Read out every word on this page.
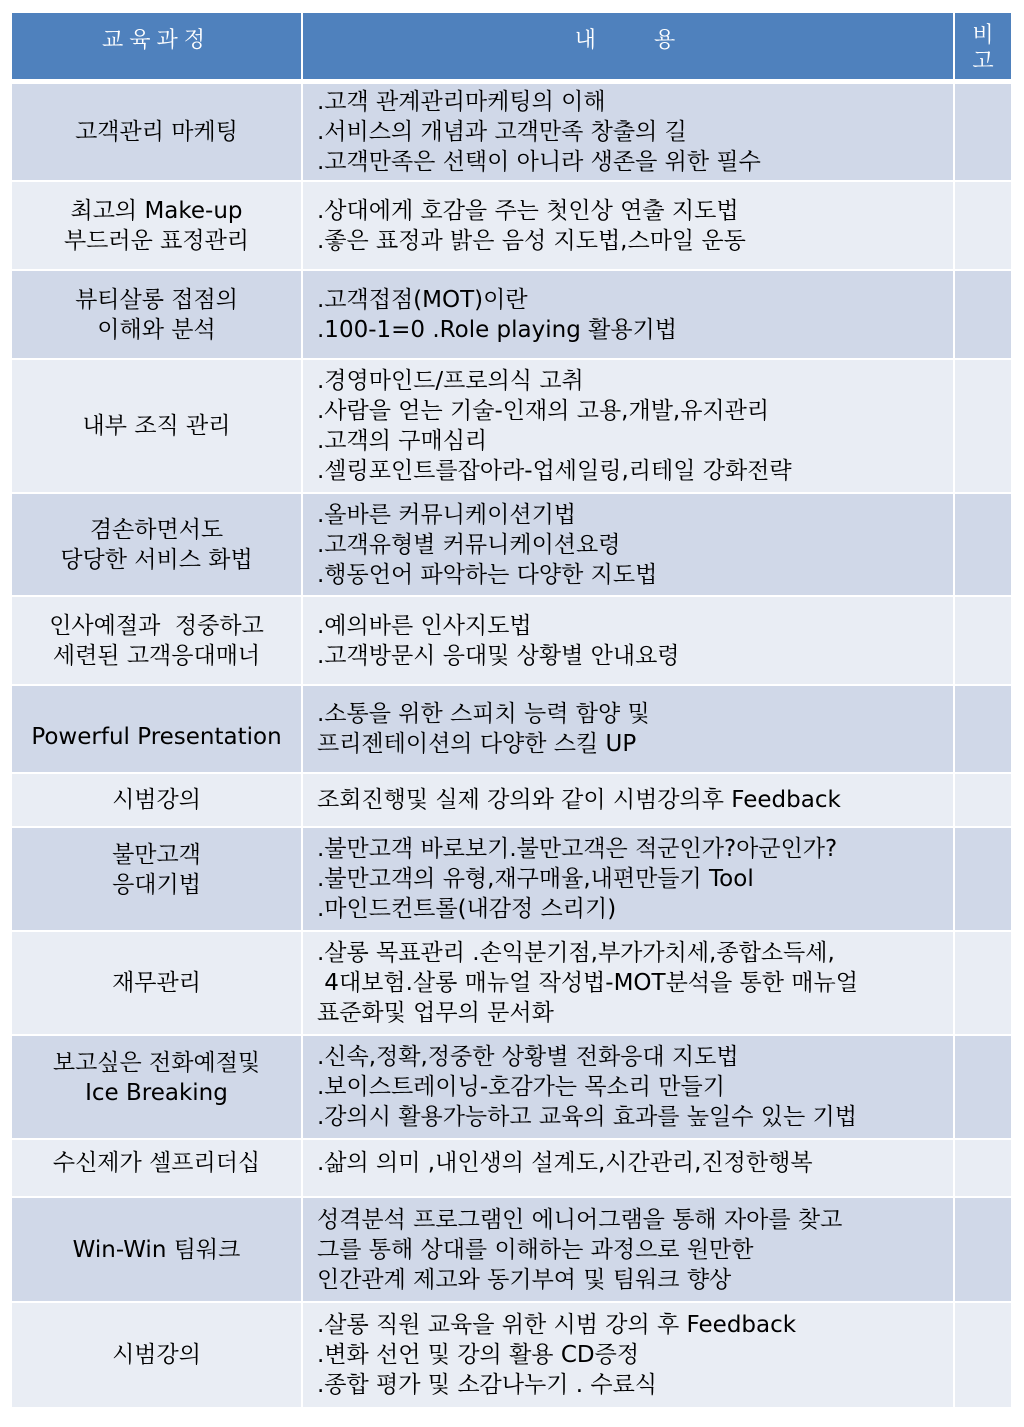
교육과정	내    용	비
고

고객관리 마케팅	.고객 관계관리마케팅의 이해
.서비스의 개념과 고객만족 창출의 길
.고객만족은 선택이 아니라 생존을 위한 필수	

최고의 Make-up
부드러운 표정관리	.상대에게 호감을 주는 첫인상 연출 지도법
.좋은 표정과 밝은 음성 지도법,스마일 운동	

뷰티살롱 접점의
이해와 분석	.고객접점(MOT)이란
.100-1=0 .Role playing 활용기법	

내부 조직 관리	.경영마인드/프로의식 고취
.사람을 얻는 기술-인재의 고용,개발,유지관리
.고객의 구매심리
.셀링포인트를잡아라-업세일링,리테일 강화전략	

겸손하면서도
당당한 서비스 화법	.올바른 커뮤니케이션기법
.고객유형별 커뮤니케이션요령
.행동언어 파악하는 다양한 지도법	

인사예절과  정중하고
세련된 고객응대매너	.예의바른 인사지도법
.고객방문시 응대및 상황별 안내요령	

Powerful Presentation	.소통을 위한 스피치 능력 함양 및
프리젠테이션의 다양한 스킬 UP	

시범강의	조회진행및 실제 강의와 같이 시범강의후 Feedback	

불만고객
응대기법	.불만고객 바로보기.불만고객은 적군인가?아군인가?
.불만고객의 유형,재구매율,내편만들기 Tool
.마인드컨트롤(내감정 스리기)	

재무관리	.살롱 목표관리 .손익분기점,부가가치세,종합소득세,
4대보험.살롱 매뉴얼 작성법-MOT분석을 통한 매뉴얼
표준화및 업무의 문서화	

보고싶은 전화예절및
Ice Breaking	.신속,정확,정중한 상황별 전화응대 지도법
.보이스트레이닝-호감가는 목소리 만들기
.강의시 활용가능하고 교육의 효과를 높일수 있는 기법	

수신제가 셀프리더십	.삶의 의미 ,내인생의 설계도,시간관리,진정한행복	

Win-Win 팀워크	성격분석 프로그램인 에니어그램을 통해 자아를 찾고
그를 통해 상대를 이해하는 과정으로 원만한
인간관계 제고와 동기부여 및 팀워크 향상	

시범강의	.살롱 직원 교육을 위한 시범 강의 후 Feedback
.변화 선언 및 강의 활용 CD증정
.종합 평가 및 소감나누기 . 수료식	
